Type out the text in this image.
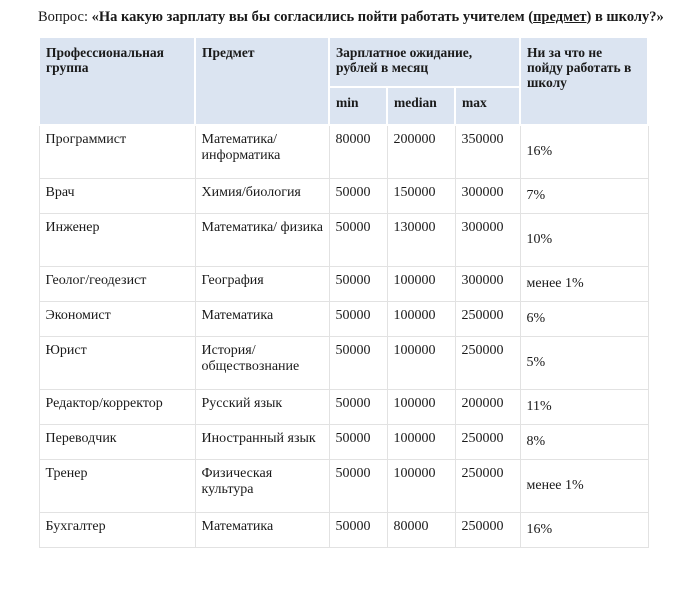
Вопрос: «На какую зарплату вы бы согласились пойти работать учителем (предмет) в школу?»
Профессиональная группа	Предмет	Зарплатное ожидание, рублей в месяц			Ни за что не пойду работать в школу

		min	median	max	

Программист	Математика/ информатика	80000	200000	350000	16%
Врач	Химия/биология	50000	150000	300000	7%
Инженер	Математика/ физика	50000	130000	300000	10%
Геолог/геодезист	География	50000	100000	300000	менее 1%
Экономист	Математика	50000	100000	250000	6%
Юрист	История/ обществознание	50000	100000	250000	5%
Редактор/корректор	Русский язык	50000	100000	200000	11%
Переводчик	Иностранный язык	50000	100000	250000	8%
Тренер	Физическая культура	50000	100000	250000	менее 1%
Бухгалтер	Математика	50000	80000	250000	16%
